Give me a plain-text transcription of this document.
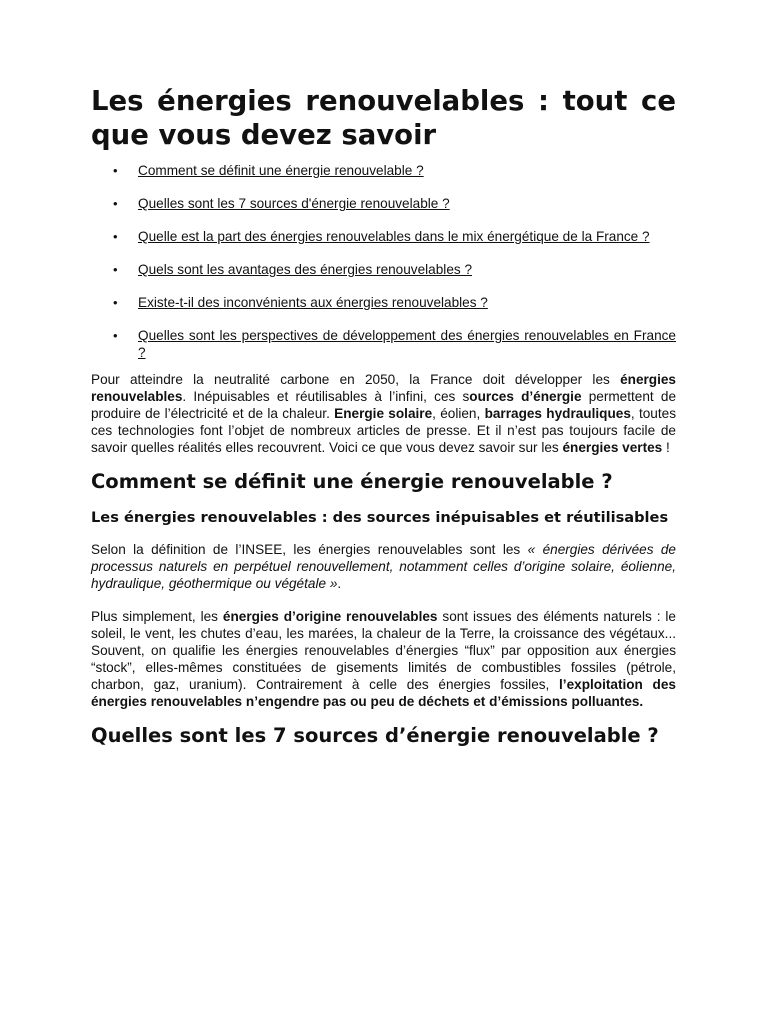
Les énergies renouvelables : tout ce que vous devez savoir
• Comment se définit une énergie renouvelable ?
• Quelles sont les 7 sources d'énergie renouvelable ?
• Quelle est la part des énergies renouvelables dans le mix énergétique de la France ?
• Quels sont les avantages des énergies renouvelables ?
• Existe-t-il des inconvénients aux énergies renouvelables ?
• Quelles sont les perspectives de développement des énergies renouvelables en France ?

Pour atteindre la neutralité carbone en 2050, la France doit développer les énergies renouvelables. Inépuisables et réutilisables à l’infini, ces sources d’énergie permettent de produire de l’électricité et de la chaleur. Energie solaire, éolien, barrages hydrauliques, toutes ces technologies font l’objet de nombreux articles de presse. Et il n’est pas toujours facile de savoir quelles réalités elles recouvrent. Voici ce que vous devez savoir sur les énergies vertes !

Comment se définit une énergie renouvelable ?
Les énergies renouvelables : des sources inépuisables et réutilisables

Selon la définition de l’INSEE, les énergies renouvelables sont les « énergies dérivées de processus naturels en perpétuel renouvellement, notamment celles d’origine solaire, éolienne, hydraulique, géothermique ou végétale ».

Plus simplement, les énergies d’origine renouvelables sont issues des éléments naturels : le soleil, le vent, les chutes d’eau, les marées, la chaleur de la Terre, la croissance des végétaux... Souvent, on qualifie les énergies renouvelables d’énergies “flux” par opposition aux énergies “stock”, elles-mêmes constituées de gisements limités de combustibles fossiles (pétrole, charbon, gaz, uranium). Contrairement à celle des énergies fossiles, l’exploitation des énergies renouvelables n’engendre pas ou peu de déchets et d’émissions polluantes.

Quelles sont les 7 sources d’énergie renouvelable ?
